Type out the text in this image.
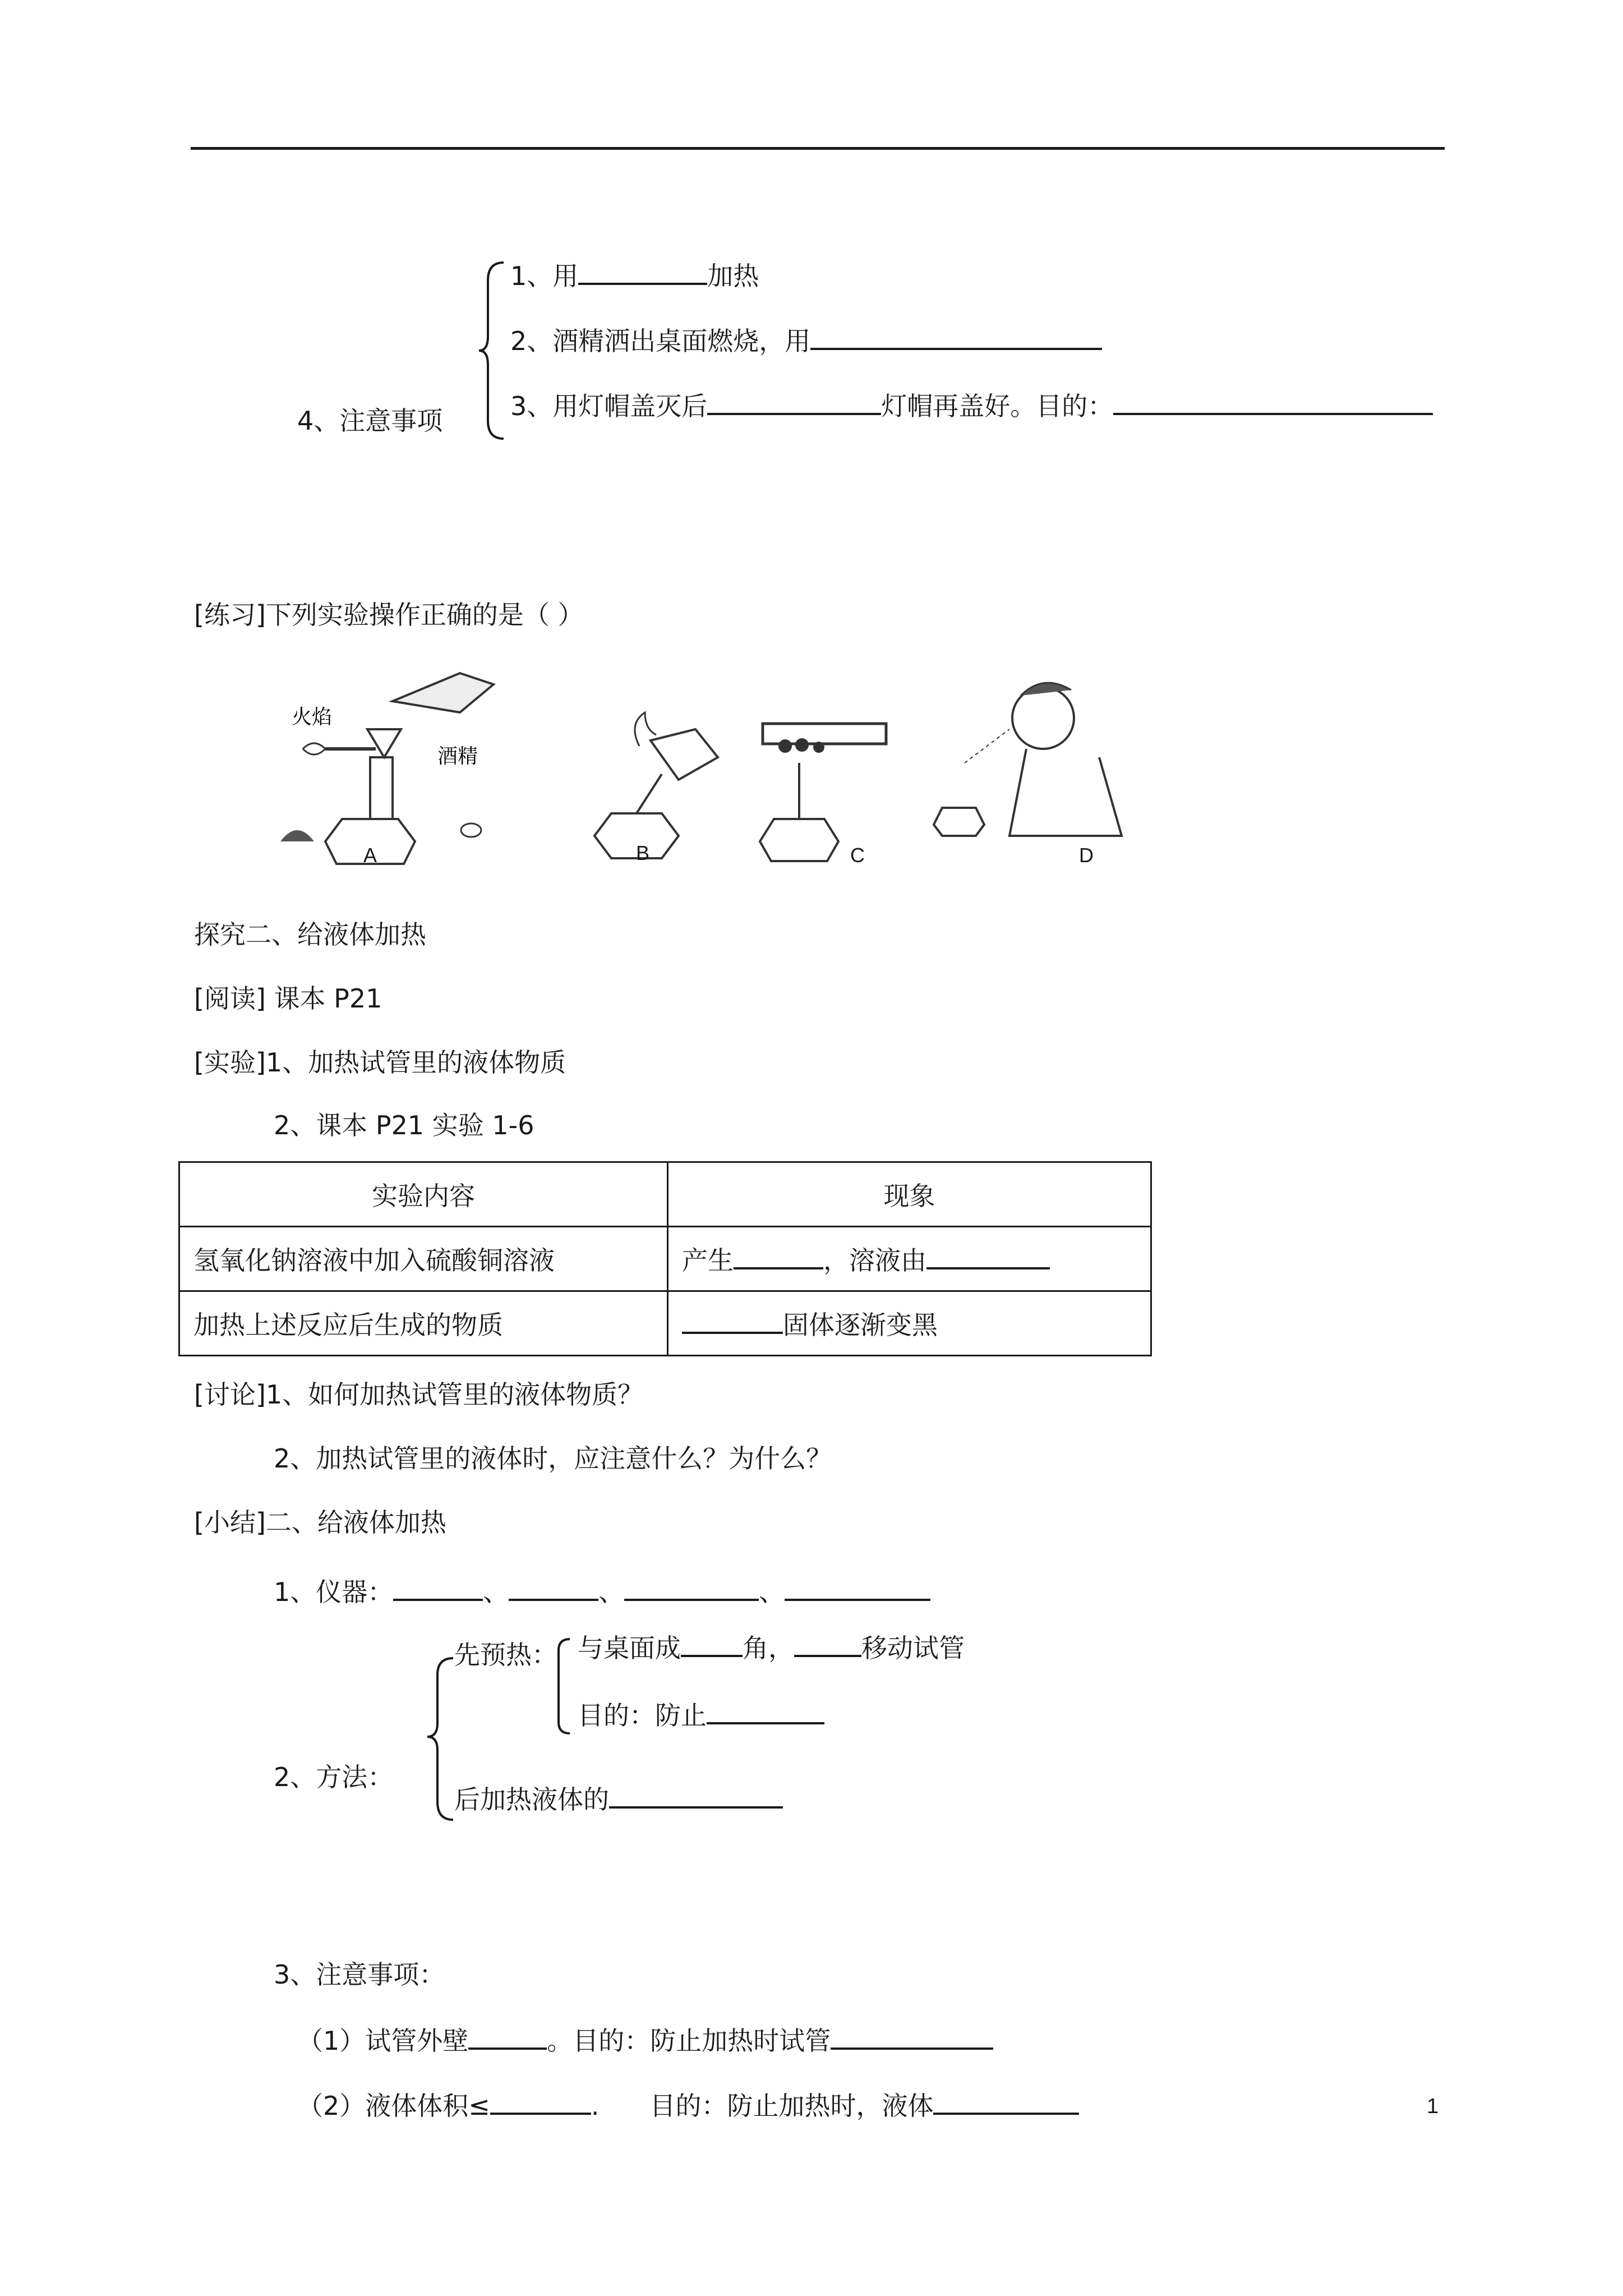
4、注意事项
1、用	加热
2、酒精洒出桌面燃烧，用
3、用灯帽盖灭后	灯帽再盖好。目的：
[练习]下列实验操作正确的是（ ）
火焰
酒精
A	B	C	D
探究二、给液体加热
[阅读] 课本 P21
[实验]1、加热试管里的液体物质
2、课本 P21 实验 1-6
实验内容	现象
氢氧化钠溶液中加入硫酸铜溶液	产生 ，溶液由
加热上述反应后生成的物质	固体逐渐变黑
[讨论]1、如何加热试管里的液体物质？
2、加热试管里的液体时，应注意什么？为什么？
[小结]二、给液体加热
1、仪器：	、	、	、
2、方法：
先预热： 与桌面成 角，	移动试管
目的：防止
后加热液体的
3、注意事项：
（1）试管外壁	。目的：防止加热时试管
（2）液体体积≤	. 目的：防止加热时，液体	1
